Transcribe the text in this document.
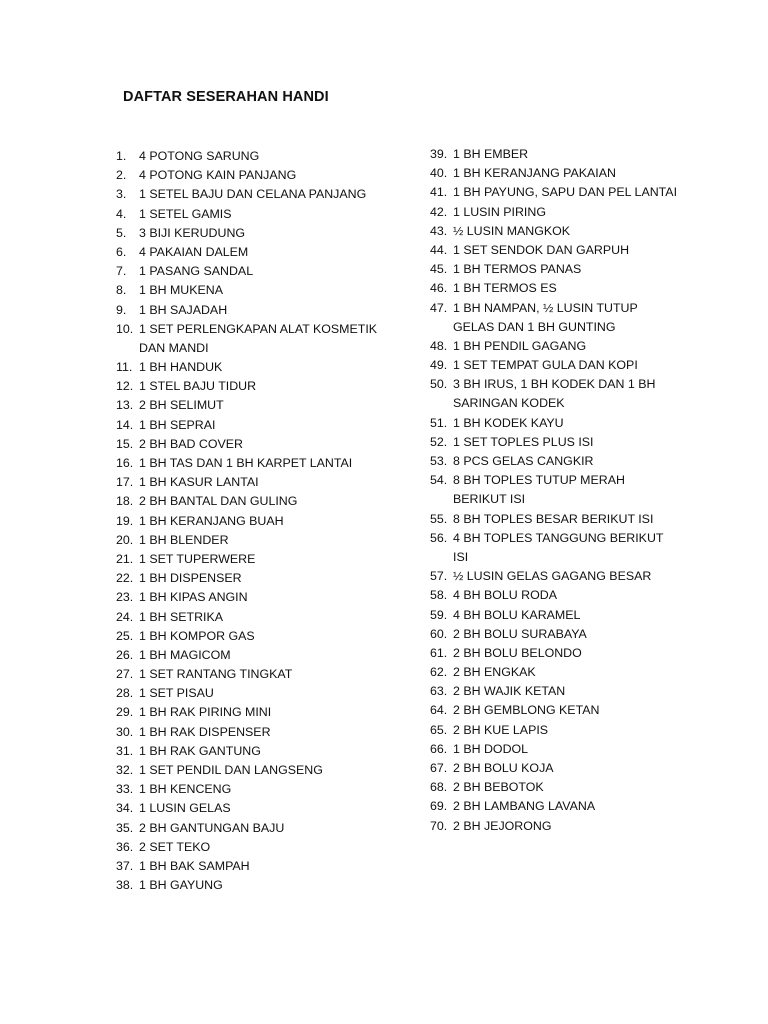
DAFTAR SESERAHAN HANDI
1.	4 POTONG SARUNG
2.	4 POTONG KAIN PANJANG
3.	1 SETEL BAJU DAN CELANA PANJANG
4.	1 SETEL GAMIS
5.	3 BIJI KERUDUNG
6.	4 PAKAIAN DALEM
7.	1 PASANG SANDAL
8.	1 BH MUKENA
9.	1 BH SAJADAH
10. 1 SET PERLENGKAPAN ALAT KOSMETIK DAN MANDI
11. 1 BH HANDUK
12. 1 STEL BAJU TIDUR
13. 2 BH SELIMUT
14. 1 BH SEPRAI
15. 2 BH BAD COVER
16. 1 BH TAS DAN 1 BH KARPET LANTAI
17. 1 BH KASUR LANTAI
18. 2 BH BANTAL DAN GULING
19. 1 BH KERANJANG BUAH
20. 1 BH BLENDER
21. 1 SET TUPERWERE
22. 1 BH DISPENSER
23. 1 BH KIPAS ANGIN
24. 1 BH SETRIKA
25. 1 BH KOMPOR GAS
26. 1 BH MAGICOM
27. 1 SET RANTANG TINGKAT
28. 1 SET PISAU
29. 1 BH RAK PIRING MINI
30. 1 BH RAK DISPENSER
31. 1 BH RAK GANTUNG
32. 1 SET PENDIL DAN LANGSENG
33. 1 BH KENCENG
34. 1 LUSIN GELAS
35. 2 BH GANTUNGAN BAJU
36. 2 SET TEKO
37. 1 BH BAK SAMPAH
38. 1 BH GAYUNG
39. 1 BH EMBER
40. 1 BH KERANJANG PAKAIAN
41. 1 BH PAYUNG, SAPU DAN PEL LANTAI
42. 1 LUSIN PIRING
43. ½ LUSIN MANGKOK
44. 1 SET SENDOK DAN GARPUH
45. 1 BH TERMOS PANAS
46. 1 BH TERMOS ES
47. 1 BH NAMPAN, ½ LUSIN TUTUP GELAS DAN 1 BH GUNTING
48. 1 BH PENDIL GAGANG
49. 1 SET TEMPAT GULA DAN KOPI
50. 3 BH IRUS, 1 BH KODEK DAN 1 BH SARINGAN KODEK
51. 1 BH KODEK KAYU
52. 1 SET TOPLES PLUS ISI
53. 8 PCS GELAS CANGKIR
54. 8 BH TOPLES TUTUP MERAH BERIKUT ISI
55. 8 BH TOPLES BESAR BERIKUT ISI
56. 4 BH TOPLES TANGGUNG BERIKUT ISI
57. ½ LUSIN GELAS GAGANG BESAR
58. 4 BH BOLU RODA
59. 4 BH BOLU KARAMEL
60. 2 BH BOLU SURABAYA
61. 2 BH BOLU BELONDO
62. 2 BH ENGKAK
63. 2 BH WAJIK KETAN
64. 2 BH GEMBLONG KETAN
65. 2 BH KUE LAPIS
66. 1 BH DODOL
67. 2 BH BOLU KOJA
68. 2 BH BEBOTOK
69. 2 BH LAMBANG LAVANA
70. 2 BH JEJORONG
